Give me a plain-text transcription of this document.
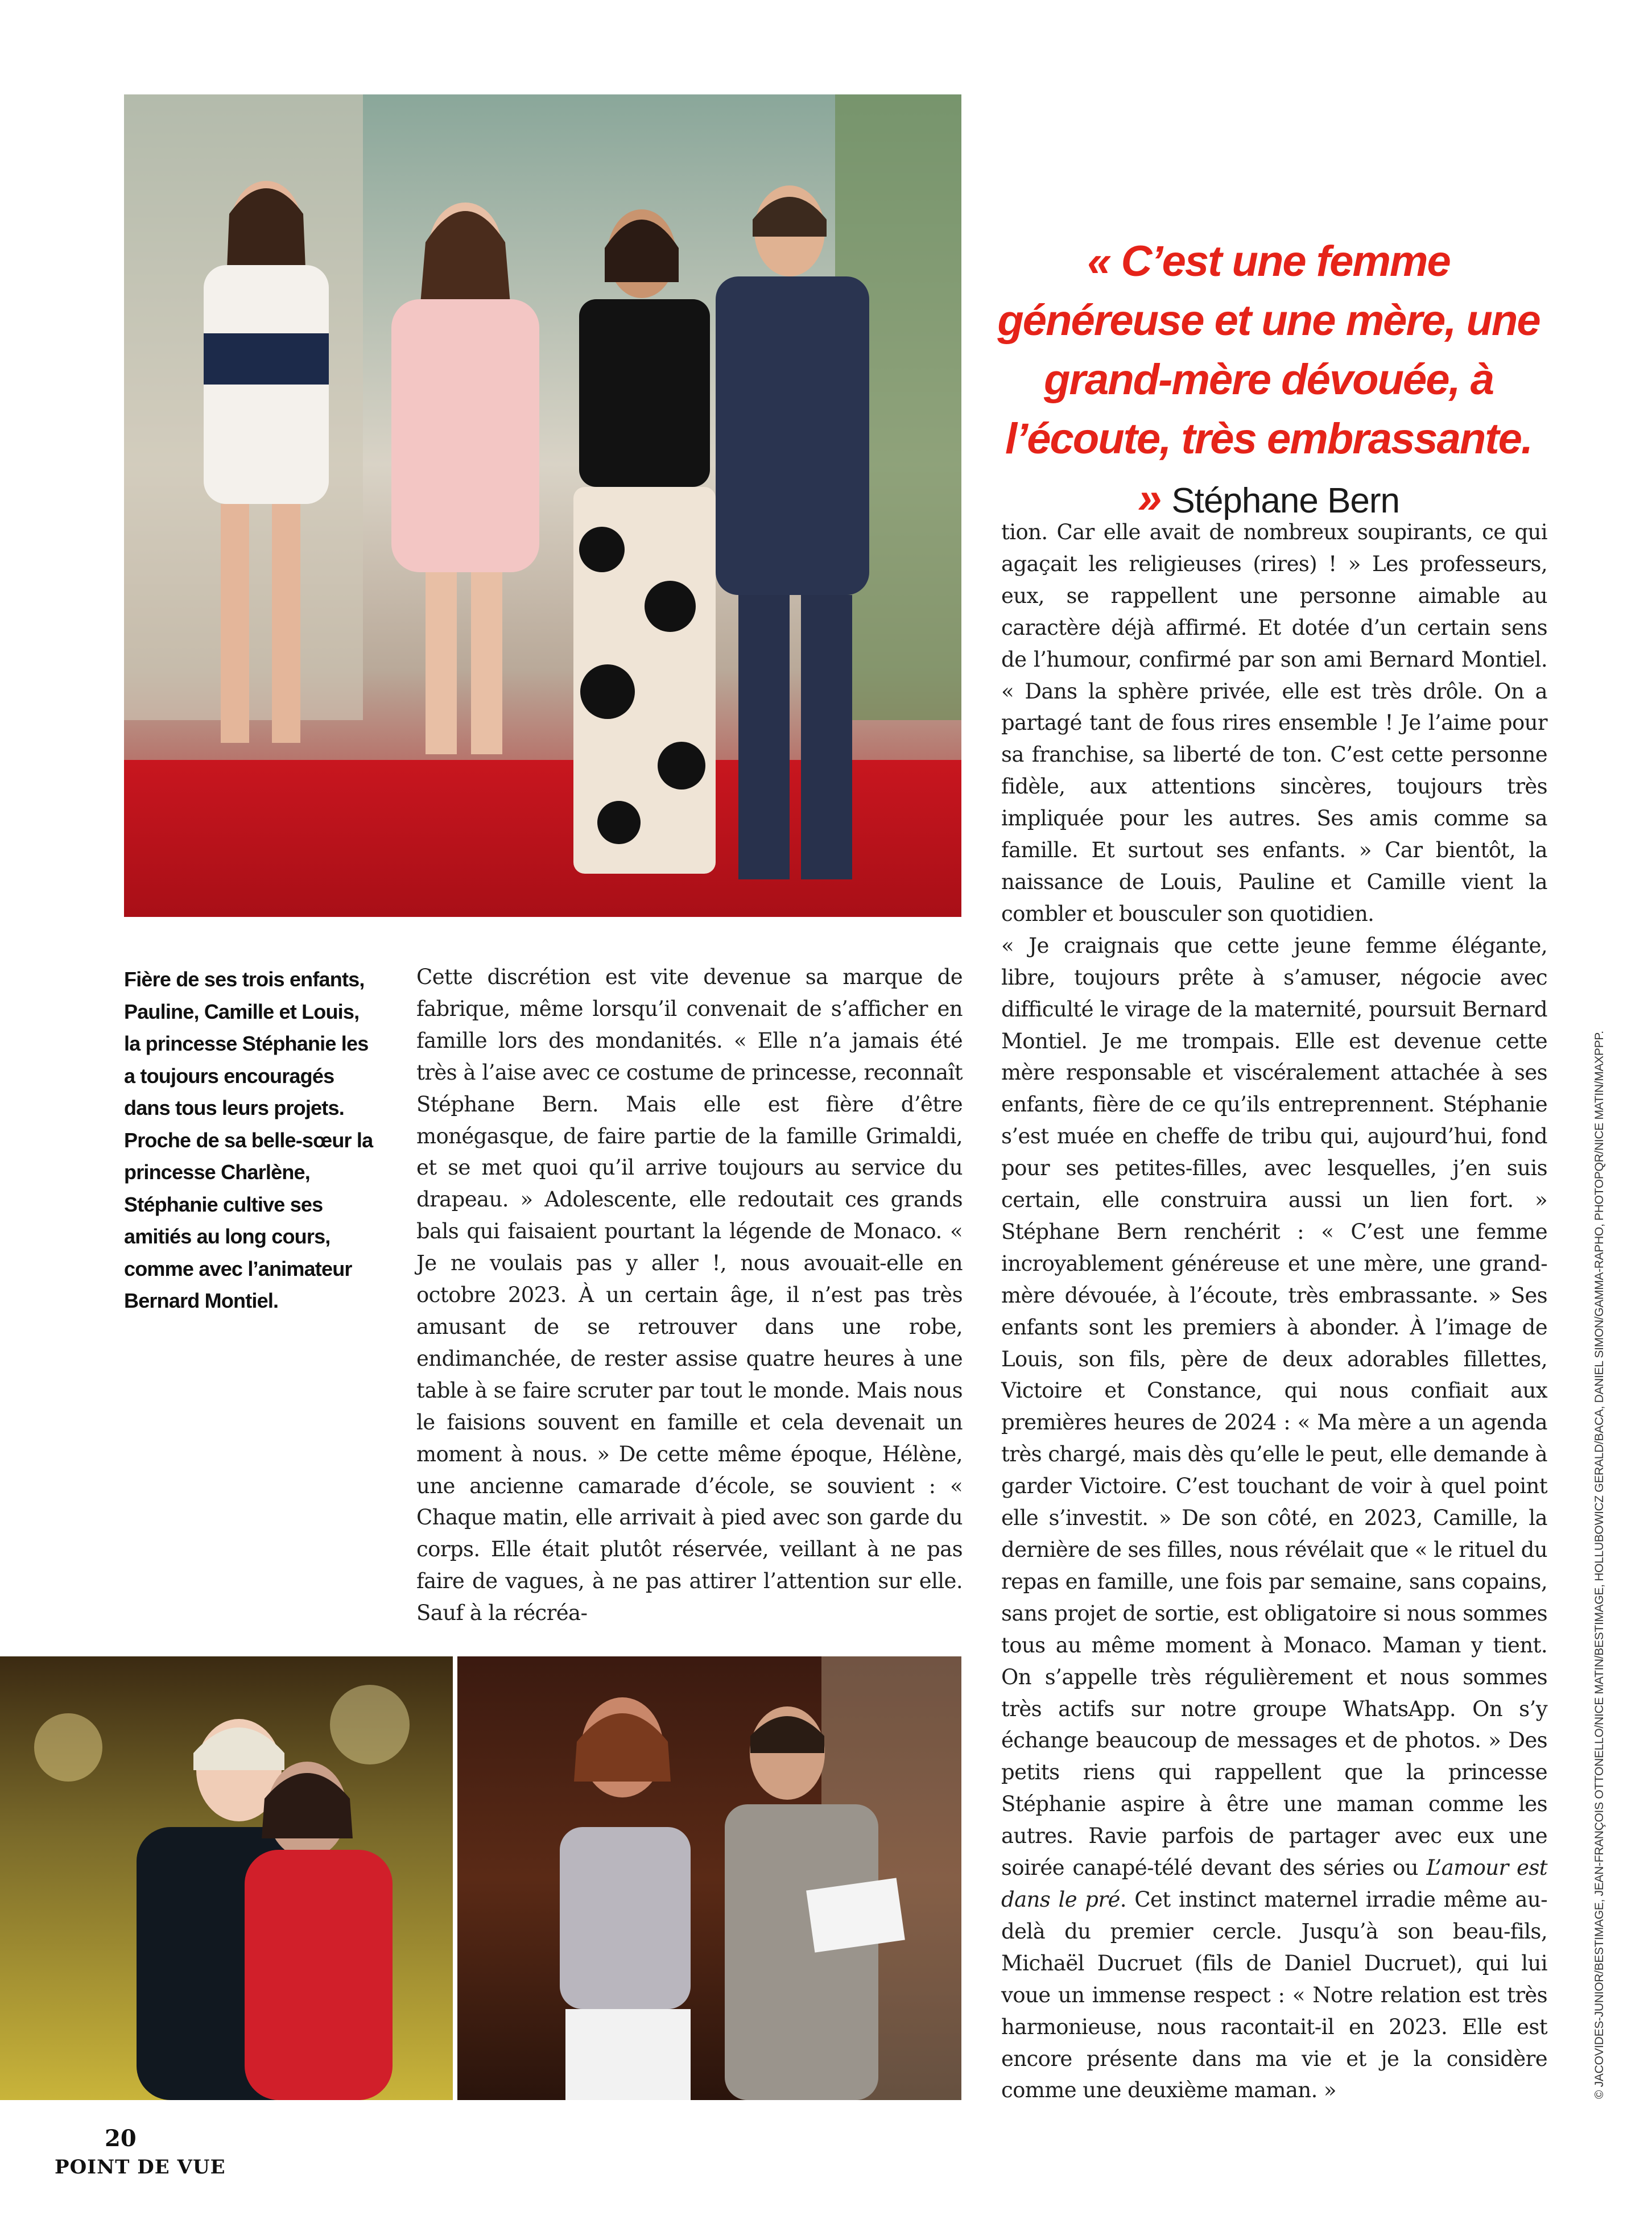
« C’est une femme généreuse et une mère, une grand-mère dévouée, à l’écoute, très embrassante. » Stéphane Bern
Fière de ses trois enfants, Pauline, Camille et Louis, la princesse Stéphanie les a toujours encouragés dans tous leurs projets. Proche de sa belle-sœur la princesse Charlène, Stéphanie cultive ses amitiés au long cours, comme avec l’animateur Bernard Montiel.

Cette discrétion est vite devenue sa marque de fabrique, même lorsqu’il convenait de s’afficher en famille lors des mondanités. « Elle n’a jamais été très à l’aise avec ce costume de princesse, reconnaît Stéphane Bern. Mais elle est fière d’être monégasque, de faire partie de la famille Grimaldi, et se met quoi qu’il arrive toujours au service du drapeau. » Adolescente, elle redoutait ces grands bals qui faisaient pourtant la légende de Monaco. « Je ne voulais pas y aller !, nous avouait-elle en octobre 2023. À un certain âge, il n’est pas très amusant de se retrouver dans une robe, endimanchée, de rester assise quatre heures à une table à se faire scruter par tout le monde. Mais nous le faisions souvent en famille et cela devenait un moment à nous. » De cette même époque, Hélène, une ancienne camarade d’école, se souvient : « Chaque matin, elle arrivait à pied avec son garde du corps. Elle était plutôt réservée, veillant à ne pas faire de vagues, à ne pas attirer l’attention sur elle. Sauf à la récréa-

tion. Car elle avait de nombreux soupirants, ce qui agaçait les religieuses (rires) ! » Les professeurs, eux, se rappellent une personne aimable au caractère déjà affirmé. Et dotée d’un certain sens de l’humour, confirmé par son ami Bernard Montiel. « Dans la sphère privée, elle est très drôle. On a partagé tant de fous rires ensemble ! Je l’aime pour sa franchise, sa liberté de ton. C’est cette personne fidèle, aux attentions sincères, toujours très impliquée pour les autres. Ses amis comme sa famille. Et surtout ses enfants. » Car bientôt, la naissance de Louis, Pauline et Camille vient la combler et bousculer son quotidien.

« Je craignais que cette jeune femme élégante, libre, toujours prête à s’amuser, négocie avec difficulté le virage de la maternité, poursuit Bernard Montiel. Je me trompais. Elle est devenue cette mère responsable et viscéralement attachée à ses enfants, fière de ce qu’ils entreprennent. Stéphanie s’est muée en cheffe de tribu qui, aujourd’hui, fond pour ses petites-filles, avec lesquelles, j’en suis certain, elle construira aussi un lien fort. » Stéphane Bern renchérit : « C’est une femme incroyablement généreuse et une mère, une grand-mère dévouée, à l’écoute, très embrassante. » Ses enfants sont les premiers à abonder. À l’image de Louis, son fils, père de deux adorables fillettes, Victoire et Constance, qui nous confiait aux premières heures de 2024 : « Ma mère a un agenda très chargé, mais dès qu’elle le peut, elle demande à garder Victoire. C’est touchant de voir à quel point elle s’investit. » De son côté, en 2023, Camille, la dernière de ses filles, nous révélait que « le rituel du repas en famille, une fois par semaine, sans copains, sans projet de sortie, est obligatoire si nous sommes tous au même moment à Monaco. Maman y tient. On s’appelle très régulièrement et nous sommes très actifs sur notre groupe WhatsApp. On s’y échange beaucoup de messages et de photos. » Des petits riens qui rappellent que la princesse Stéphanie aspire à être une maman comme les autres. Ravie parfois de partager avec eux une soirée canapé-télé devant des séries ou L’amour est dans le pré. Cet instinct maternel irradie même au-delà du premier cercle. Jusqu’à son beau-fils, Michaël Ducruet (fils de Daniel Ducruet), qui lui voue un immense respect : « Notre relation est très harmonieuse, nous racontait-il en 2023. Elle est encore présente dans ma vie et je la considère comme une deuxième maman. »	© JACOVIDES-JUNIOR/BESTIMAGE, JEAN-FRANÇOIS OTTONELLO/NICE MATIN/BESTIMAGE, HOLLUBOWICZ GERALD/BACA, DANIEL SIMON/GAMMA-RAPHO, PHOTOPQR/NICE MATIN/MAXPPP.
20
POINT DE VUE
